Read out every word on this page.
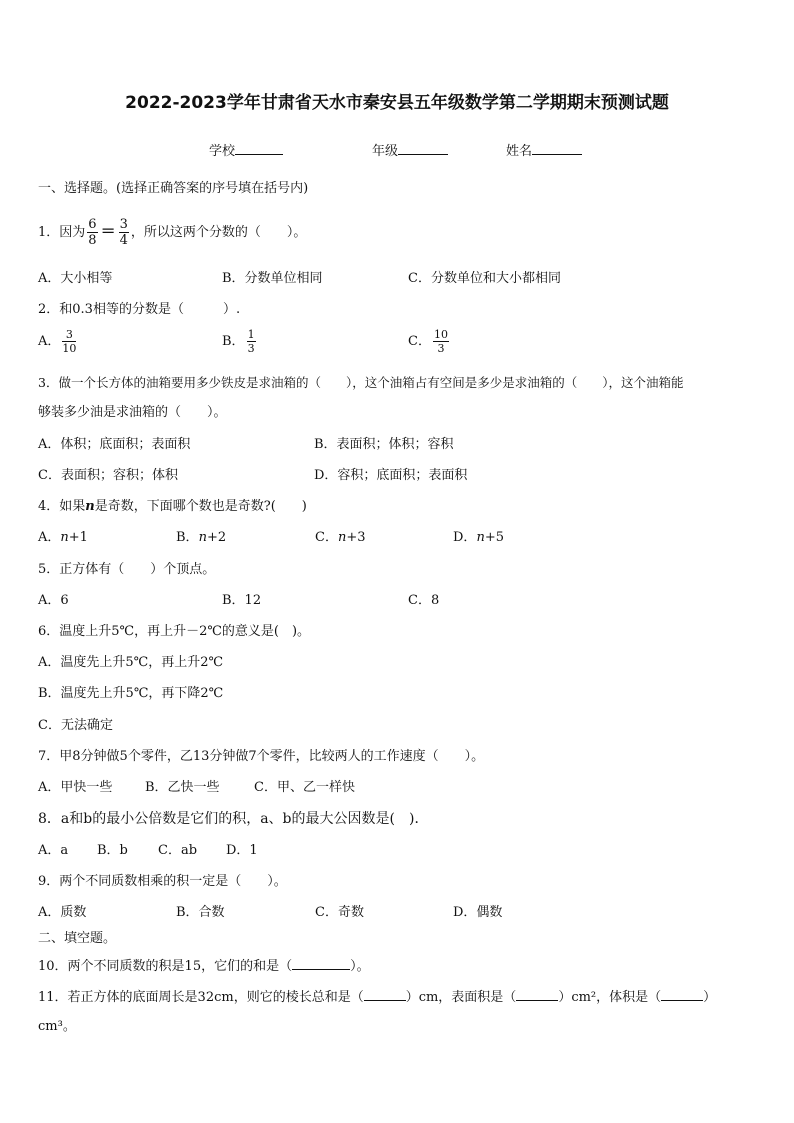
2022-2023学年甘肃省天水市秦安县五年级数学第二学期期末预测试题
学校	年级	姓名
一、选择题。(选择正确答案的序号填在括号内)
1．因为 $\frac{6}{8} = \frac{3}{4}$ ，所以这两个分数的（　　）。
A．大小相等	B．分数单位相同	C．分数单位和大小都相同
2．和0.3相等的分数是（　　　）.
A． $\frac{3}{10}$	B． $\frac{1}{3}$	C． $\frac{10}{3}$
3．做一个长方体的油箱要用多少铁皮是求油箱的（　　），这个油箱占有空间是多少是求油箱的（　　），这个油箱能
够装多少油是求油箱的（　　）。
A．体积；底面积；表面积	B．表面积；体积；容积
C．表面积；容积；体积	D．容积；底面积；表面积
4．如果n是奇数，下面哪个数也是奇数?(　　)
A．n+1	B．n+2	C．n+3	D．n+5
5．正方体有（　　）个顶点。
A．6	B．12	C．8
6．温度上升5℃，再上升－2℃的意义是(　)。
A．温度先上升5℃，再上升2℃
B．温度先上升5℃，再下降2℃
C．无法确定
7．甲8分钟做5个零件，乙13分钟做7个零件，比较两人的工作速度（　　）。
A．甲快一些	B．乙快一些	C．甲、乙一样快
8．a和b的最小公倍数是它们的积，a、b的最大公因数是(　)．
A．a B．b C．ab D．1
9．两个不同质数相乘的积一定是（　　）。
A．质数	B．合数	C．奇数	D．偶数
二、填空题。
10．两个不同质数的积是15，它们的和是（	）。
11．若正方体的底面周长是32cm，则它的棱长总和是（	）cm，表面积是（	）cm²，体积是（	）
cm³。
